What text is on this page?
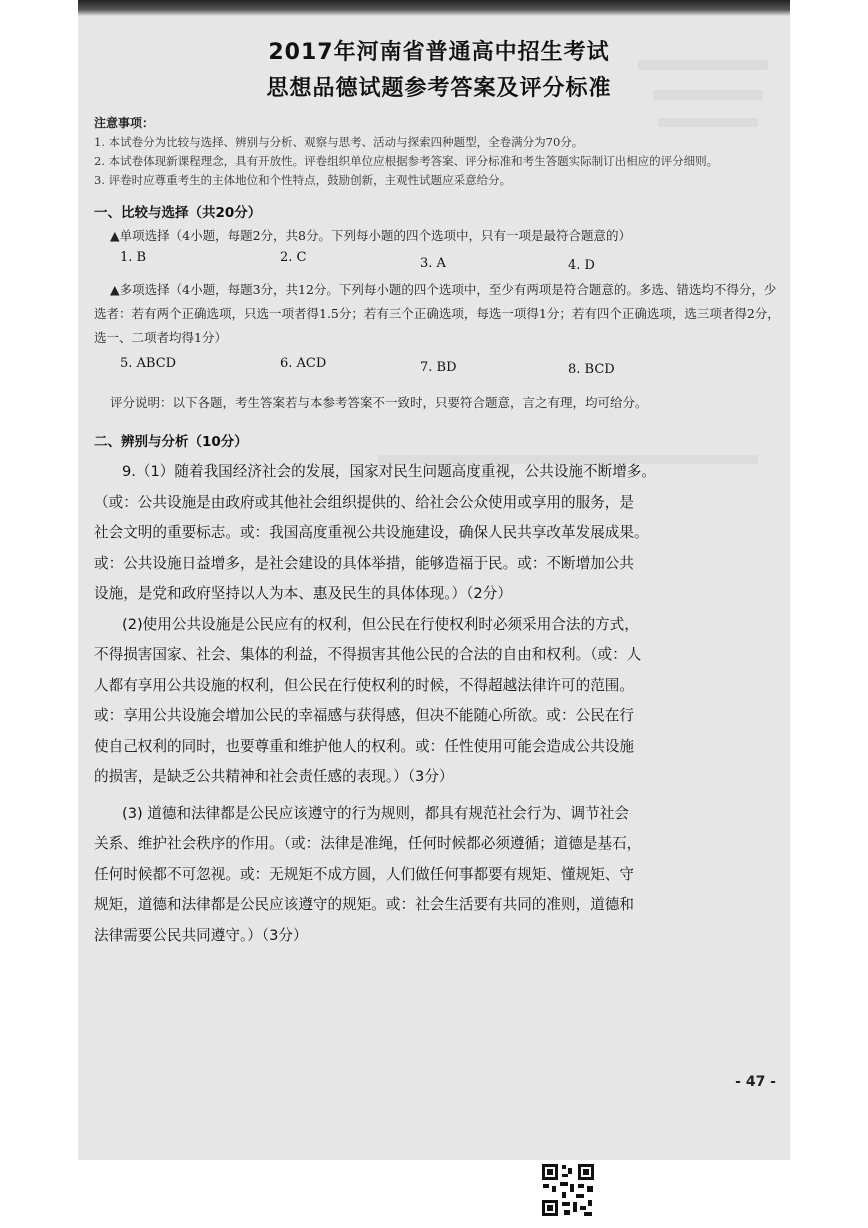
2017年河南省普通高中招生考试
思想品德试题参考答案及评分标准
注意事项：
1. 本试卷分为比较与选择、辨别与分析、观察与思考、活动与探索四种题型，全卷满分为70分。
2. 本试卷体现新课程理念，具有开放性。评卷组织单位应根据参考答案、评分标准和考生答题实际制订出相应的评分细则。
3. 评卷时应尊重考生的主体地位和个性特点，鼓励创新，主观性试题应采意给分。
一、比较与选择（共20分）
▲单项选择（4小题，每题2分，共8分。下列每小题的四个选项中，只有一项是最符合题意的）
1. B	2. C	3. A	4. D
▲多项选择（4小题，每题3分，共12分。下列每小题的四个选项中，至少有两项是符合题意的。多选、错选均不得分，少选者：若有两个正确选项，只选一项者得1.5分；若有三个正确选项，每选一项得1分；若有四个正确选项，选三项者得2分，选一、二项者均得1分）
5. ABCD	6. ACD	7. BD	8. BCD
评分说明：以下各题，考生答案若与本参考答案不一致时，只要符合题意，言之有理，均可给分。
二、辨别与分析（10分）
9.（1）随着我国经济社会的发展，国家对民生问题高度重视，公共设施不断增多。
（或：公共设施是由政府或其他社会组织提供的、给社会公众使用或享用的服务，是
社会文明的重要标志。或：我国高度重视公共设施建设，确保人民共享改革发展成果。
或：公共设施日益增多，是社会建设的具体举措，能够造福于民。或：不断增加公共
设施，是党和政府坚持以人为本、惠及民生的具体体现。）（2分）
(2)使用公共设施是公民应有的权利，但公民在行使权利时必须采用合法的方式，
不得损害国家、社会、集体的利益，不得损害其他公民的合法的自由和权利。（或：人
人都有享用公共设施的权利，但公民在行使权利的时候，不得超越法律许可的范围。
或：享用公共设施会增加公民的幸福感与获得感，但决不能随心所欲。或：公民在行
使自己权利的同时，也要尊重和维护他人的权利。或：任性使用可能会造成公共设施
的损害，是缺乏公共精神和社会责任感的表现。）（3分）
(3) 道德和法律都是公民应该遵守的行为规则，都具有规范社会行为、调节社会
关系、维护社会秩序的作用。（或：法律是准绳，任何时候都必须遵循；道德是基石，
任何时候都不可忽视。或：无规矩不成方圆，人们做任何事都要有规矩、懂规矩、守
规矩，道德和法律都是公民应该遵守的规矩。或：社会生活要有共同的准则，道德和
法律需要公民共同遵守。）（3分）
- 47 -
